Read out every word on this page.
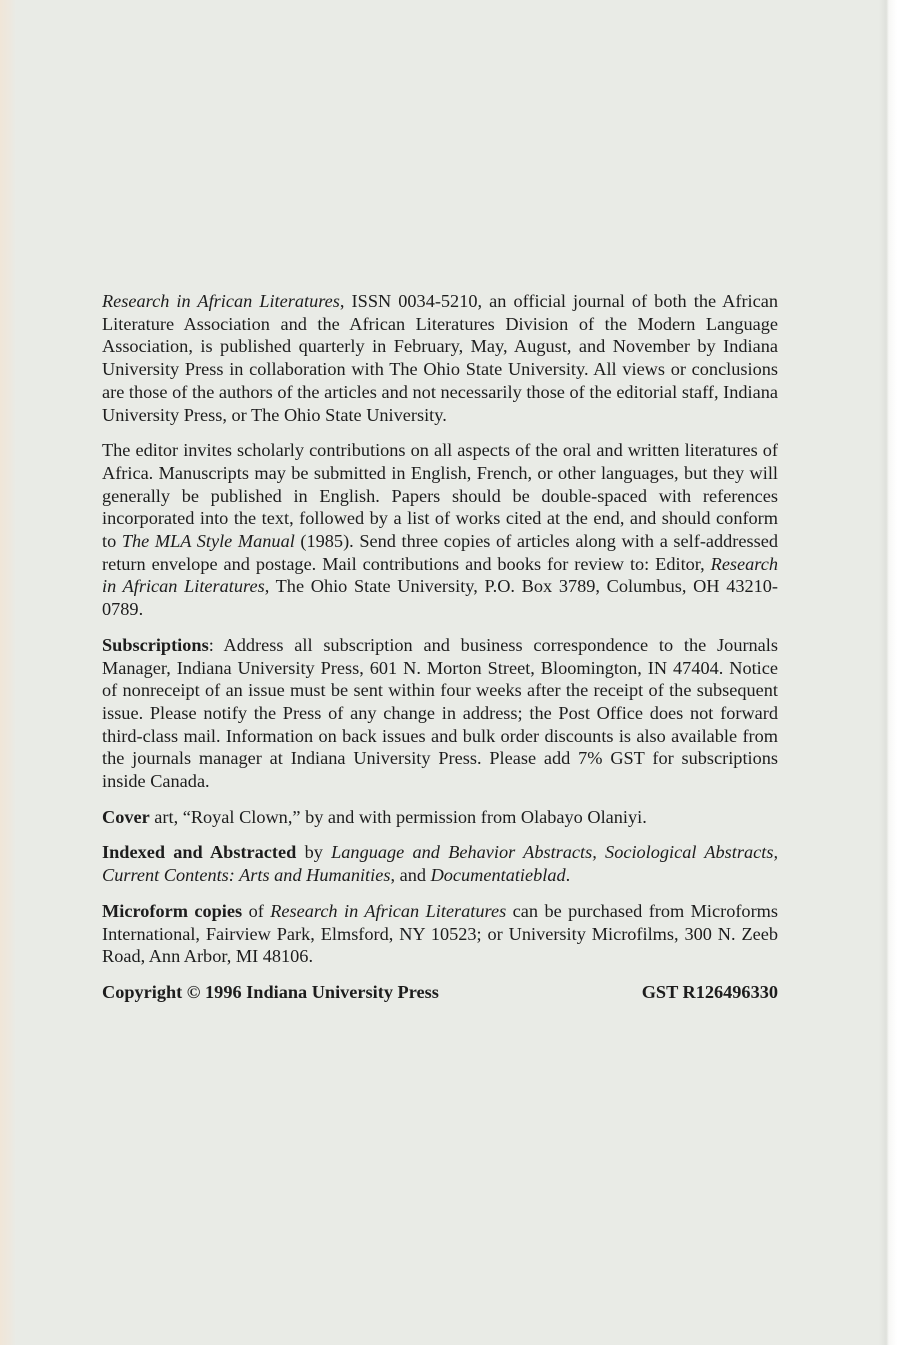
Research in African Literatures, ISSN 0034-5210, an official journal of both the African Literature Association and the African Literatures Division of the Modern Language Association, is published quarterly in February, May, August, and November by Indiana University Press in collaboration with The Ohio State University. All views or conclusions are those of the authors of the articles and not necessarily those of the editorial staff, Indiana University Press, or The Ohio State University.

The editor invites scholarly contributions on all aspects of the oral and written literatures of Africa. Manuscripts may be submitted in English, French, or other languages, but they will generally be published in English. Papers should be double-spaced with references incorporated into the text, followed by a list of works cited at the end, and should conform to The MLA Style Manual (1985). Send three copies of articles along with a self-addressed return envelope and postage. Mail contributions and books for review to: Editor, Research in African Literatures, The Ohio State University, P.O. Box 3789, Columbus, OH 43210-0789.

Subscriptions: Address all subscription and business correspondence to the Journals Manager, Indiana University Press, 601 N. Morton Street, Bloomington, IN 47404. Notice of nonreceipt of an issue must be sent within four weeks after the receipt of the subsequent issue. Please notify the Press of any change in address; the Post Office does not forward third-class mail. Information on back issues and bulk order discounts is also available from the journals manager at Indiana University Press. Please add 7% GST for subscriptions inside Canada.

Cover art, “Royal Clown,” by and with permission from Olabayo Olaniyi.

Indexed and Abstracted by Language and Behavior Abstracts, Sociological Abstracts, Current Contents: Arts and Humanities, and Documentatieblad.

Microform copies of Research in African Literatures can be purchased from Microforms International, Fairview Park, Elmsford, NY 10523; or University Microfilms, 300 N. Zeeb Road, Ann Arbor, MI 48106.

Copyright © 1996 Indiana University Press	GST R126496330
